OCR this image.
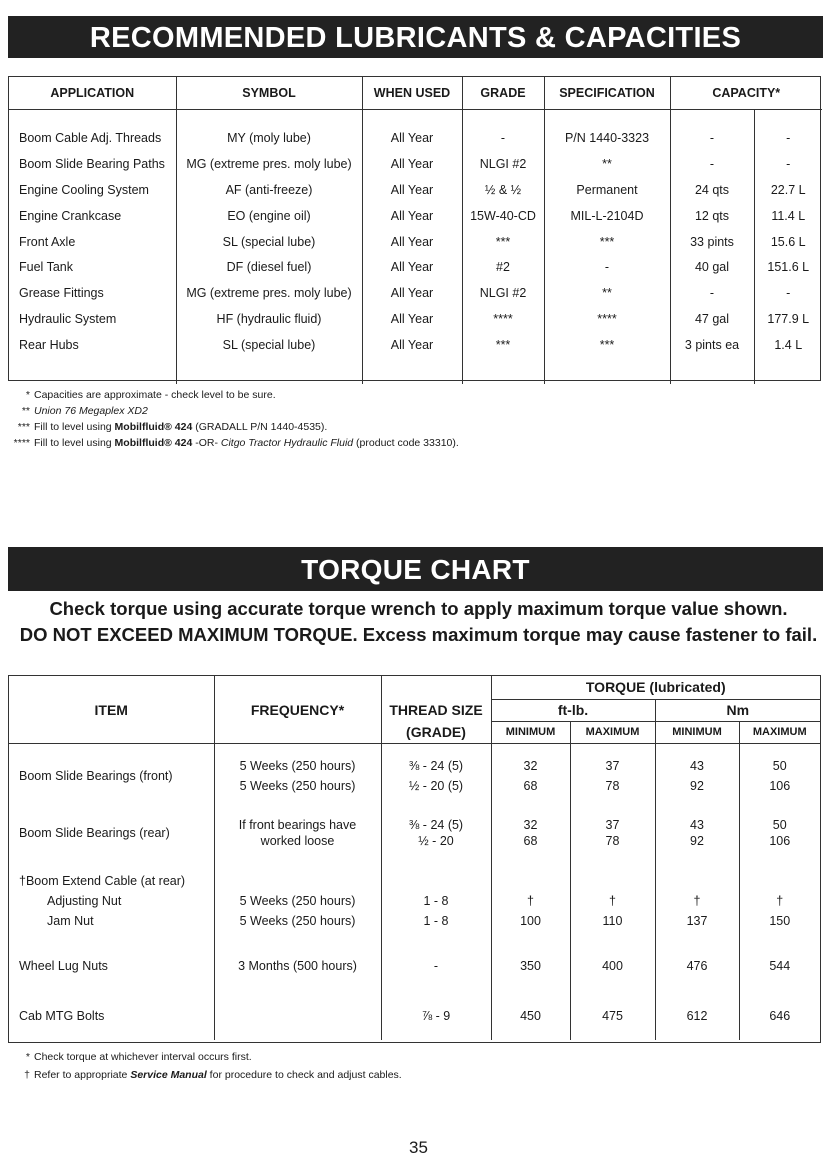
RECOMMENDED LUBRICANTS & CAPACITIES
APPLICATION	SYMBOL	WHEN USED	GRADE	SPECIFICATION	CAPACITY*	

Boom Cable Adj. Threads	MY (moly lube)	All Year	-	P/N 1440-3323	-	-
Boom Slide Bearing Paths	MG (extreme pres. moly lube)	All Year	NLGI #2	**	-	-
Engine Cooling System	AF (anti-freeze)	All Year	½ & ½	Permanent	24 qts	22.7 L
Engine Crankcase	EO (engine oil)	All Year	15W-40-CD	MIL-L-2104D	12 qts	11.4 L
Front Axle	SL (special lube)	All Year	***	***	33 pints	15.6 L
Fuel Tank	DF (diesel fuel)	All Year	#2	-	40 gal	151.6 L
Grease Fittings	MG (extreme pres. moly lube)	All Year	NLGI #2	**	-	-
Hydraulic System	HF (hydraulic fluid)	All Year	****	****	47 gal	177.9 L
Rear Hubs	SL (special lube)	All Year	***	***	3 pints ea	1.4 L

* Capacities are approximate - check level to be sure.
** Union 76 Megaplex XD2
*** Fill to level using Mobilfluid® 424 (GRADALL P/N 1440-4535).
**** Fill to level using Mobilfluid® 424 -OR- Citgo Tractor Hydraulic Fluid (product code 33310).
TORQUE CHART
Check torque using accurate torque wrench to apply maximum torque value shown.
DO NOT EXCEED MAXIMUM TORQUE. Excess maximum torque may cause fastener to fail.
ITEM	FREQUENCY*		TORQUE (lubricated)			
		THREAD SIZE	ft-lb.		Nm	
		(GRADE)	MINIMUM	MAXIMUM	MINIMUM	MAXIMUM

Boom Slide Bearings (front)	5 Weeks (250 hours)	⅜ - 24 (5)	32	37	43	50
	5 Weeks (250 hours)	½ - 20 (5)	68	78	92	106

Boom Slide Bearings (rear)	If front bearings have	⅜ - 24 (5)	32	37	43	50
	worked loose	½ - 20	68	78	92	106

†Boom Extend Cable (at rear)						
Adjusting Nut	5 Weeks (250 hours)	1 - 8	†	†	†	†
Jam Nut	5 Weeks (250 hours)	1 - 8	100	110	137	150

Wheel Lug Nuts	3 Months (500 hours)	-	350	400	476	544

Cab MTG Bolts		⅞ - 9	450	475	612	646

* Check torque at whichever interval occurs first.
† Refer to appropriate Service Manual for procedure to check and adjust cables.
35
